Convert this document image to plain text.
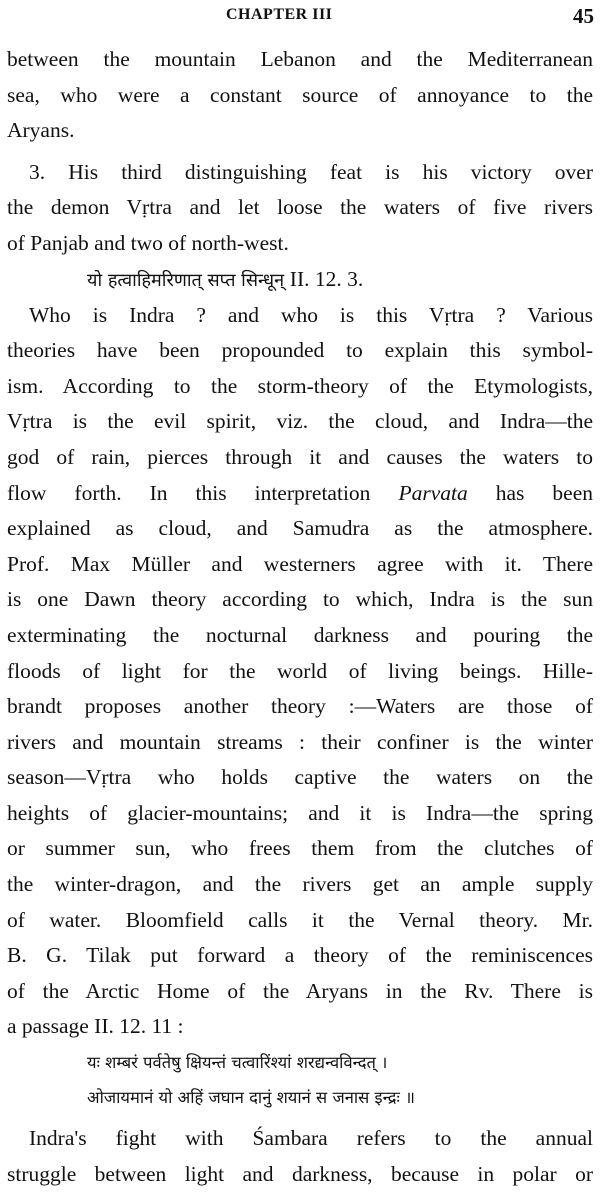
CHAPTER III	45
between the mountain Lebanon and the Mediterranean
sea, who were a constant source of annoyance to the
Aryans.
3. His third distinguishing feat is his victory over
the demon Vṛtra and let loose the waters of five rivers
of Panjab and two of north-west.
यो हत्वाहिमरिणात् सप्त सिन्धून् II. 12. 3.
Who is Indra ? and who is this Vṛtra ? Various
theories have been propounded to explain this symbol-
ism. According to the storm-theory of the Etymologists,
Vṛtra is the evil spirit, viz. the cloud, and Indra—the
god of rain, pierces through it and causes the waters to
flow forth. In this interpretation Parvata has been
explained as cloud, and Samudra as the atmosphere.
Prof. Max Müller and westerners agree with it. There
is one Dawn theory according to which, Indra is the sun
exterminating the nocturnal darkness and pouring the
floods of light for the world of living beings. Hille-
brandt proposes another theory :—Waters are those of
rivers and mountain streams : their confiner is the winter
season—Vṛtra who holds captive the waters on the
heights of glacier-mountains; and it is Indra—the spring
or summer sun, who frees them from the clutches of
the winter-dragon, and the rivers get an ample supply
of water. Bloomfield calls it the Vernal theory. Mr.
B. G. Tilak put forward a theory of the reminiscences
of the Arctic Home of the Aryans in the Rv. There is
a passage II. 12. 11 :
यः शम्बरं पर्वतेषु क्षियन्तं चत्वारिंश्यां शरद्यन्वविन्दत् ।
ओजायमानं यो अहिं जघान दानुं शयानं स जनास इन्द्रः ॥
Indra's fight with Śambara refers to the annual
struggle between light and darkness, because in polar or
